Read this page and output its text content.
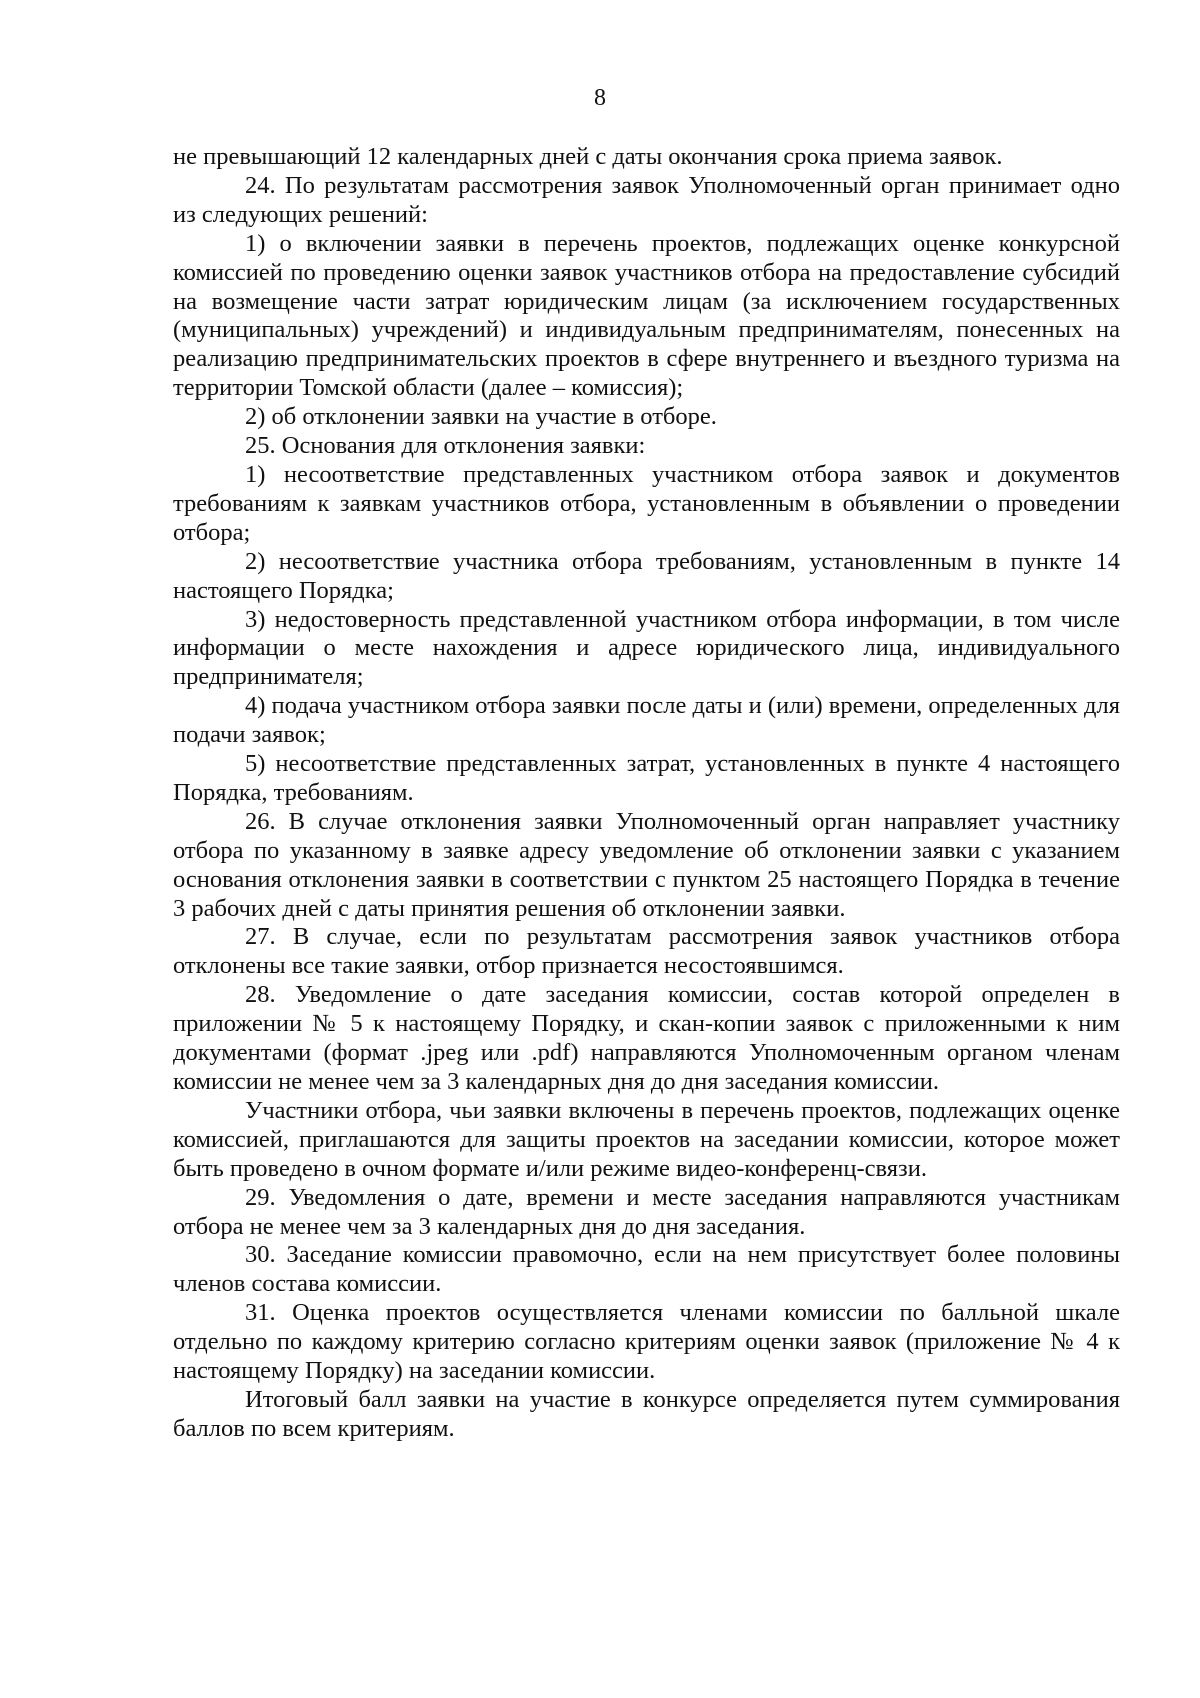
8

не превышающий 12 календарных дней с даты окончания срока приема заявок.

24. По результатам рассмотрения заявок Уполномоченный орган принимает одно из следующих решений:

1) о включении заявки в перечень проектов, подлежащих оценке конкурсной комиссией по проведению оценки заявок участников отбора на предоставление субсидий на возмещение части затрат юридическим лицам (за исключением государственных (муниципальных) учреждений) и индивидуальным предпринимателям, понесенных на реализацию предпринимательских проектов в сфере внутреннего и въездного туризма на территории Томской области (далее – комиссия);

2) об отклонении заявки на участие в отборе.

25. Основания для отклонения заявки:

1) несоответствие представленных участником отбора заявок и документов требованиям к заявкам участников отбора, установленным в объявлении о проведении отбора;

2) несоответствие участника отбора требованиям, установленным в пункте 14 настоящего Порядка;

3) недостоверность представленной участником отбора информации, в том числе информации о месте нахождения и адресе юридического лица, индивидуального предпринимателя;

4) подача участником отбора заявки после даты и (или) времени, определенных для подачи заявок;

5) несоответствие представленных затрат, установленных в пункте 4 настоящего Порядка, требованиям.

26. В случае отклонения заявки Уполномоченный орган направляет участнику отбора по указанному в заявке адресу уведомление об отклонении заявки с указанием основания отклонения заявки в соответствии с пунктом 25 настоящего Порядка в течение 3 рабочих дней с даты принятия решения об отклонении заявки.

27. В случае, если по результатам рассмотрения заявок участников отбора отклонены все такие заявки, отбор признается несостоявшимся.

28. Уведомление о дате заседания комиссии, состав которой определен в приложении № 5 к настоящему Порядку, и скан-копии заявок с приложенными к ним документами (формат .jpeg или .pdf) направляются Уполномоченным органом членам комиссии не менее чем за 3 календарных дня до дня заседания комиссии.

Участники отбора, чьи заявки включены в перечень проектов, подлежащих оценке комиссией, приглашаются для защиты проектов на заседании комиссии, которое может быть проведено в очном формате и/или режиме видео-конференц-связи.

29. Уведомления о дате, времени и месте заседания направляются участникам отбора не менее чем за 3 календарных дня до дня заседания.

30. Заседание комиссии правомочно, если на нем присутствует более половины членов состава комиссии.

31. Оценка проектов осуществляется членами комиссии по балльной шкале отдельно по каждому критерию согласно критериям оценки заявок (приложение № 4 к настоящему Порядку) на заседании комиссии.

Итоговый балл заявки на участие в конкурсе определяется путем суммирования баллов по всем критериям.
